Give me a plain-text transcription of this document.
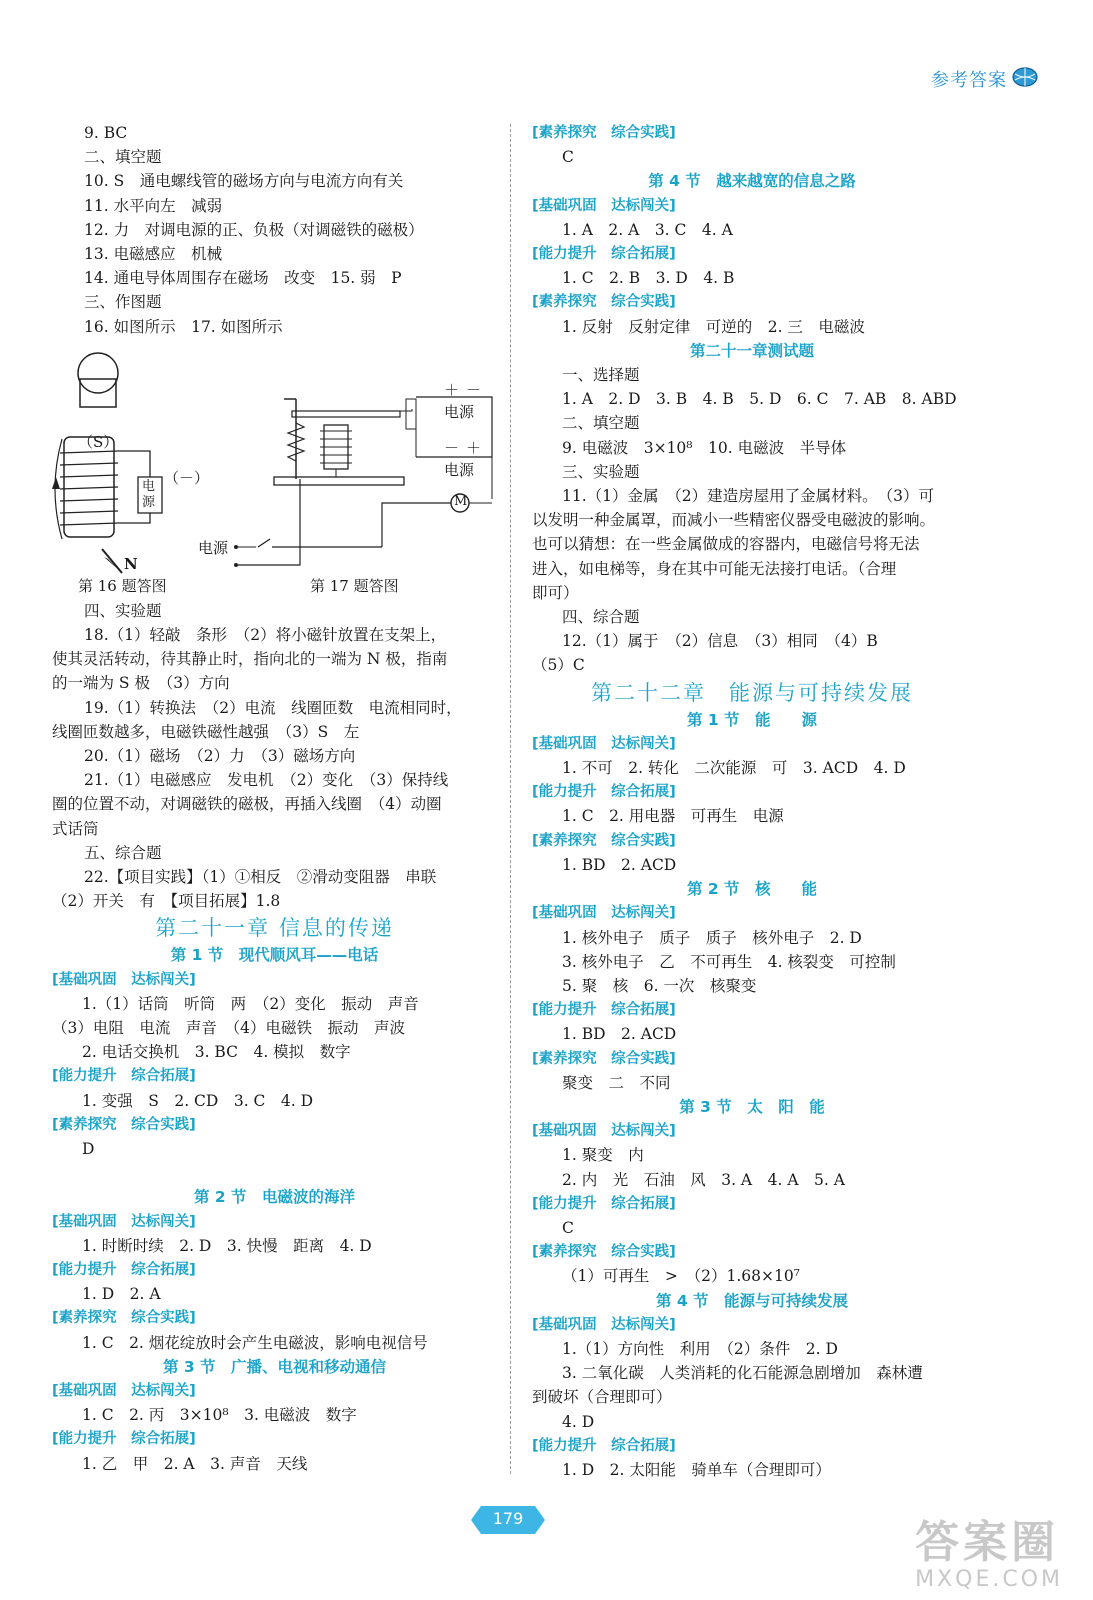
参考答案
9. BC
二、填空题
10. S　通电螺线管的磁场方向与电流方向有关
11. 水平向左　减弱
12. 力　对调电源的正、负极（对调磁铁的磁极）
13. 电磁感应　机械
14. 通电导体周围存在磁场　改变　15. 弱　P
三、作图题
16. 如图所示　17. 如图所示
（S）
（－）
电源
N
＋ －
电源
－ ＋
电源
M
电源
第 16 题答图	第 17 题答图
四、实验题
18.（1）轻敲　条形　（2）将小磁针放置在支架上，
使其灵活转动，待其静止时，指向北的一端为 N 极，指南
的一端为 S 极　（3）方向
19.（1）转换法　（2）电流　线圈匝数　电流相同时，
线圈匝数越多，电磁铁磁性越强　（3）S　左
20.（1）磁场　（2）力　（3）磁场方向
21.（1）电磁感应　发电机　（2）变化　（3）保持线
圈的位置不动，对调磁铁的磁极，再插入线圈　（4）动圈
式话筒
五、综合题
22.【项目实践】（1）①相反　②滑动变阻器　串联
（2）开关　有　【项目拓展】1.8
第二十一章 信息的传递
第 1 节　现代顺风耳——电话
[基础巩固　达标闯关]
1.（1）话筒　听筒　两　（2）变化　振动　声音
（3）电阻　电流　声音　（4）电磁铁　振动　声波
2. 电话交换机　3. BC　4. 模拟　数字
[能力提升　综合拓展]
1. 变强　S　2. CD　3. C　4. D
[素养探究　综合实践]
D
第 2 节　电磁波的海洋
[基础巩固　达标闯关]
1. 时断时续　2. D　3. 快慢　距离　4. D
[能力提升　综合拓展]
1. D　2. A
[素养探究　综合实践]
1. C　2. 烟花绽放时会产生电磁波，影响电视信号
第 3 节　广播、电视和移动通信
[基础巩固　达标闯关]
1. C　2. 丙　3×10⁸　3. 电磁波　数字
[能力提升　综合拓展]
1. 乙　甲　2. A　3. 声音　天线
[素养探究　综合实践]
C
第 4 节　越来越宽的信息之路
[基础巩固　达标闯关]
1. A　2. A　3. C　4. A
[能力提升　综合拓展]
1. C　2. B　3. D　4. B
[素养探究　综合实践]
1. 反射　反射定律　可逆的　2. 三　电磁波
第二十一章测试题
一、选择题
1. A　2. D　3. B　4. B　5. D　6. C　7. AB　8. ABD
二、填空题
9. 电磁波　3×10⁸　10. 电磁波　半导体
三、实验题
11.（1）金属　（2）建造房屋用了金属材料。　（3）可
以发明一种金属罩，而减小一些精密仪器受电磁波的影响。
也可以猜想：在一些金属做成的容器内，电磁信号将无法
进入，如电梯等，身在其中可能无法接打电话。（合理
即可）
四、综合题
12.（1）属于　（2）信息　（3）相同　（4）B
（5）C
第二十二章　能源与可持续发展
第 1 节　能　　源
[基础巩固　达标闯关]
1. 不可　2. 转化　二次能源　可　3. ACD　4. D
[能力提升　综合拓展]
1. C　2. 用电器　可再生　电源
[素养探究　综合实践]
1. BD　2. ACD
第 2 节　核　　能
[基础巩固　达标闯关]
1. 核外电子　质子　质子　核外电子　2. D
3. 核外电子　乙　不可再生　4. 核裂变　可控制
5. 聚　核　6. 一次　核聚变
[能力提升　综合拓展]
1. BD　2. ACD
[素养探究　综合实践]
聚变　二　不同
第 3 节　太　阳　能
[基础巩固　达标闯关]
1. 聚变　内
2. 内　光　石油　风　3. A　4. A　5. A
[能力提升　综合拓展]
C
[素养探究　综合实践]
（1）可再生　>　（2）1.68×10⁷
第 4 节　能源与可持续发展
[基础巩固　达标闯关]
1.（1）方向性　利用　（2）条件　2. D
3. 二氧化碳　人类消耗的化石能源急剧增加　森林遭
到破坏（合理即可）
4. D
[能力提升　综合拓展]
1. D　2. 太阳能　骑单车（合理即可）
179	答案圈
MXQE.COM
